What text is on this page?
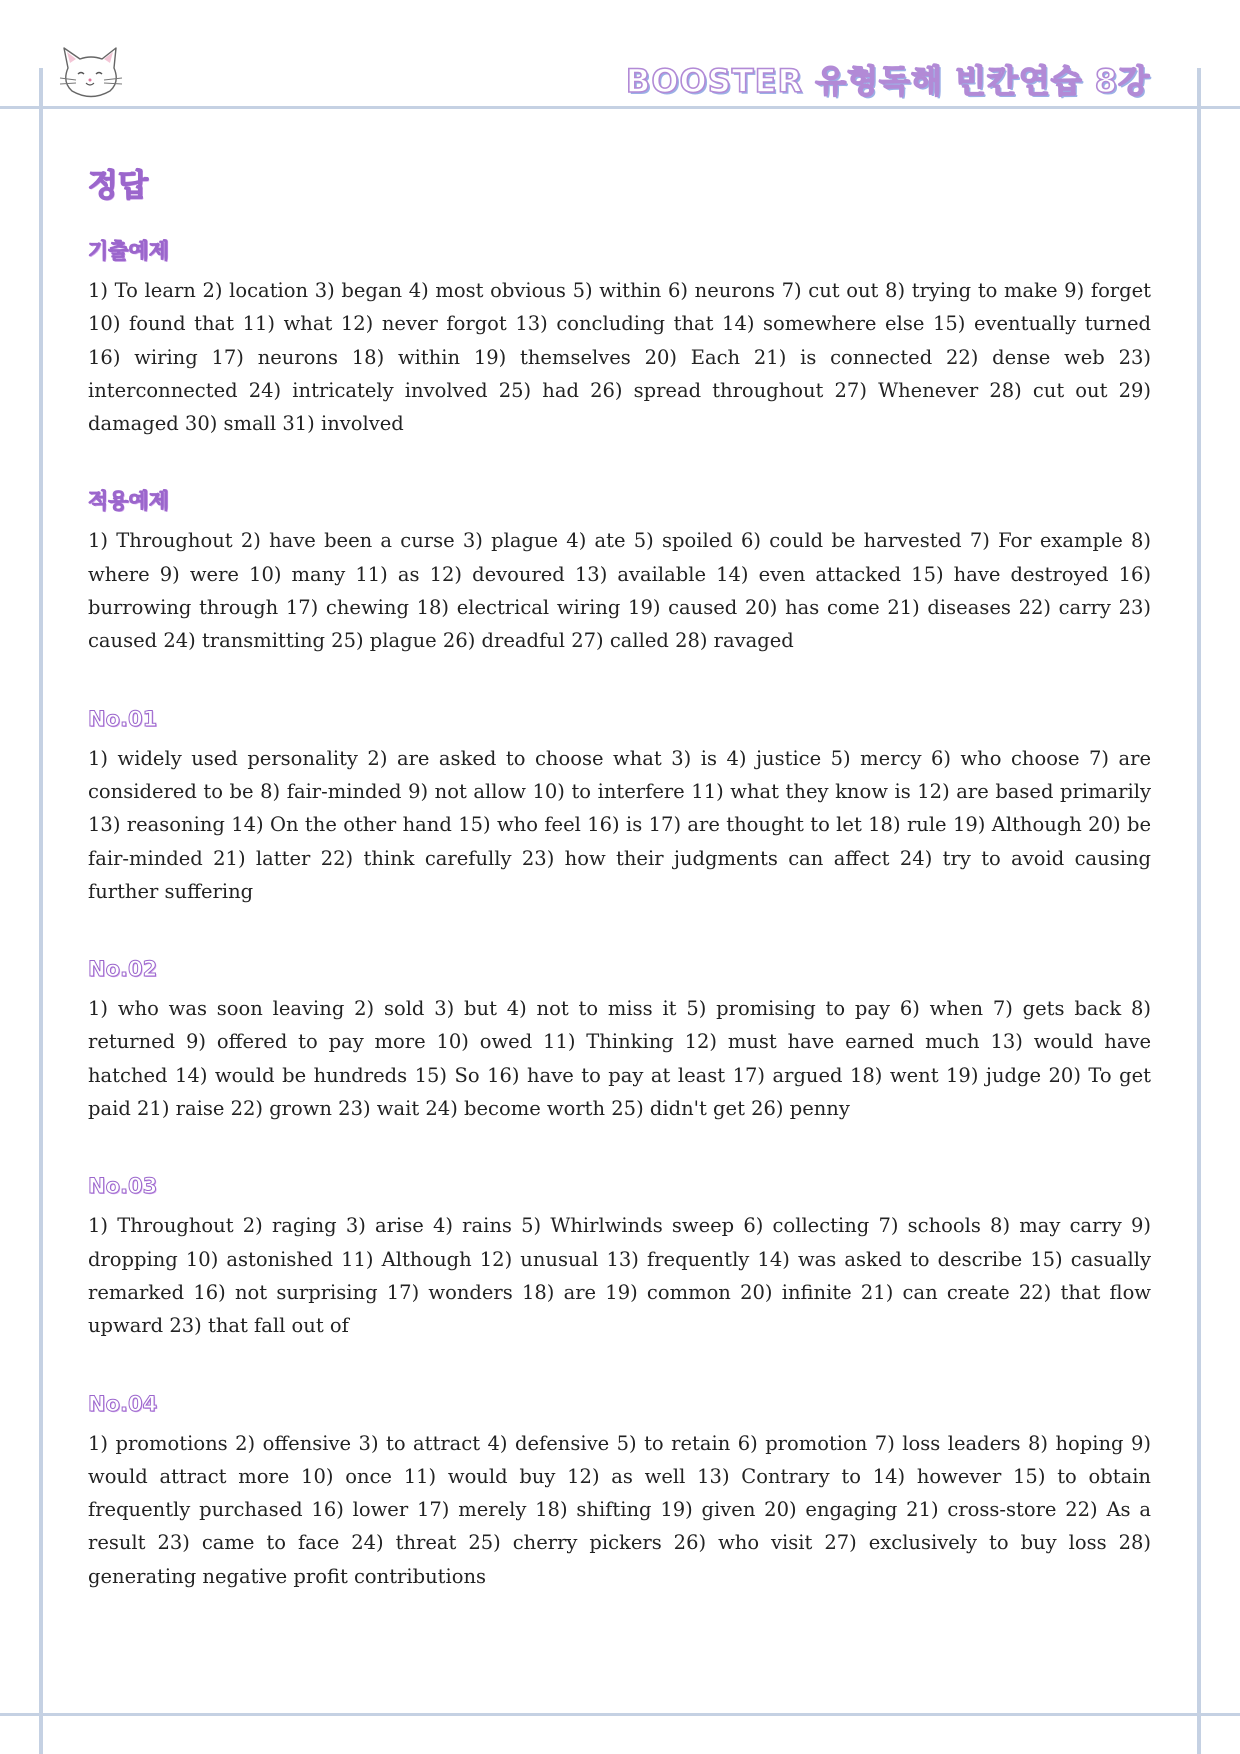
BOOSTER 유형독해 빈칸연습 8강
정답
기출예제

1) To learn 2) location 3) began 4) most obvious 5) within 6) neurons 7) cut out 8) trying to make 9) forget 10) found that 11) what 12) never forgot 13) concluding that 14) somewhere else 15) eventually turned 16) wiring 17) neurons 18) within 19) themselves 20) Each 21) is connected 22) dense web 23) interconnected 24) intricately involved 25) had 26) spread throughout 27) Whenever 28) cut out 29) damaged 30) small 31) involved

적용예제

1) Throughout 2) have been a curse 3) plague 4) ate 5) spoiled 6) could be harvested 7) For example 8) where 9) were 10) many 11) as 12) devoured 13) available 14) even attacked 15) have destroyed 16) burrowing through 17) chewing 18) electrical wiring 19) caused 20) has come 21) diseases 22) carry 23) caused 24) transmitting 25) plague 26) dreadful 27) called 28) ravaged

No.01

1) widely used personality 2) are asked to choose what 3) is 4) justice 5) mercy 6) who choose 7) are considered to be 8) fair-minded 9) not allow 10) to interfere 11) what they know is 12) are based primarily 13) reasoning 14) On the other hand 15) who feel 16) is 17) are thought to let 18) rule 19) Although 20) be fair-minded 21) latter 22) think carefully 23) how their judgments can affect 24) try to avoid causing further suffering

No.02

1) who was soon leaving 2) sold 3) but 4) not to miss it 5) promising to pay 6) when 7) gets back 8) returned 9) offered to pay more 10) owed 11) Thinking 12) must have earned much 13) would have hatched 14) would be hundreds 15) So 16) have to pay at least 17) argued 18) went 19) judge 20) To get paid 21) raise 22) grown 23) wait 24) become worth 25) didn't get 26) penny

No.03

1) Throughout 2) raging 3) arise 4) rains 5) Whirlwinds sweep 6) collecting 7) schools 8) may carry 9) dropping 10) astonished 11) Although 12) unusual 13) frequently 14) was asked to describe 15) casually remarked 16) not surprising 17) wonders 18) are 19) common 20) infinite 21) can create 22) that flow upward 23) that fall out of

No.04

1) promotions 2) offensive 3) to attract 4) defensive 5) to retain 6) promotion 7) loss leaders 8) hoping 9) would attract more 10) once 11) would buy 12) as well 13) Contrary to 14) however 15) to obtain frequently purchased 16) lower 17) merely 18) shifting 19) given 20) engaging 21) cross-store 22) As a result 23) came to face 24) threat 25) cherry pickers 26) who visit 27) exclusively to buy loss 28) generating negative profit contributions
